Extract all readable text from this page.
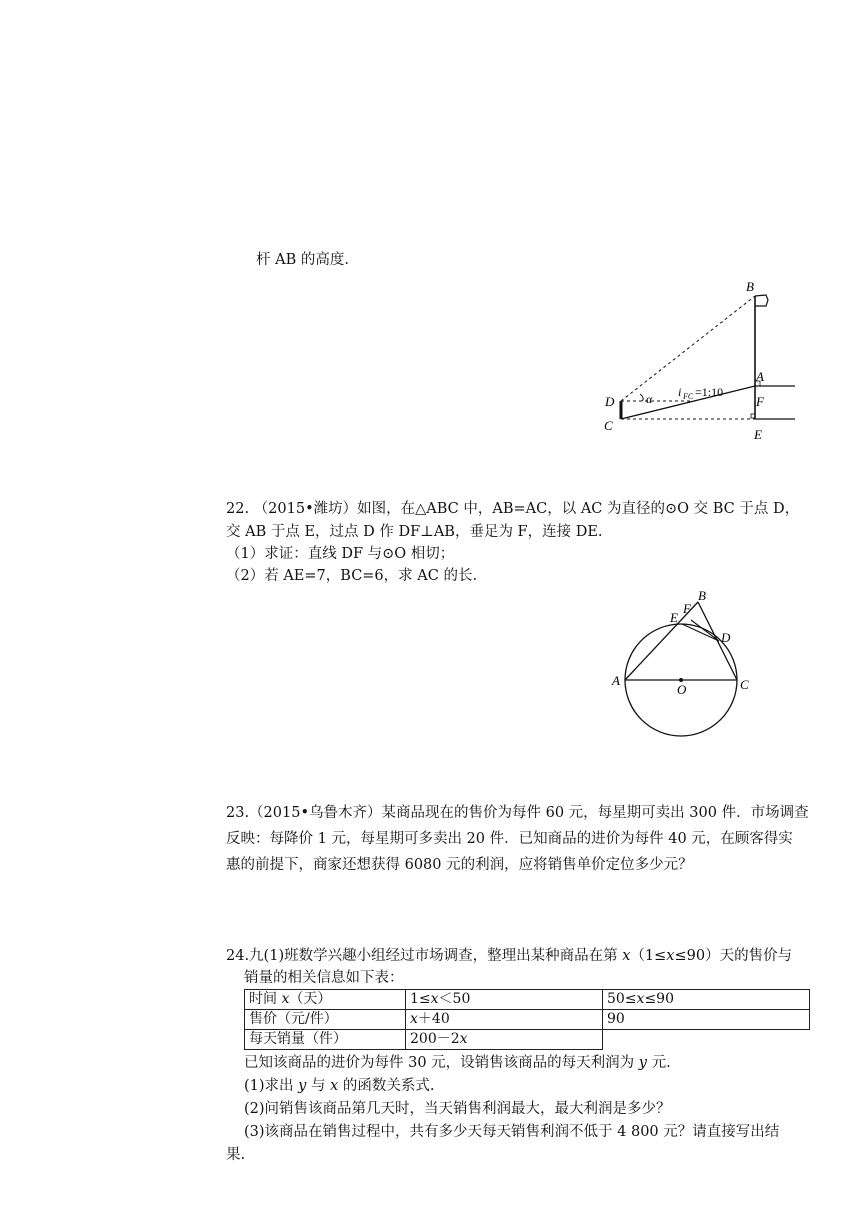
杆 AB 的高度.
B
A
F
D
C
E
α i FC =1:10
22. （2015•潍坊）如图，在△ABC 中，AB=AC，以 AC 为直径的⊙O 交 BC 于点 D，
交 AB 于点 E，过点 D 作 DF⊥AB，垂足为 F，连接 DE.
（1）求证：直线 DF 与⊙O 相切；
（2）若 AE=7，BC=6，求 AC 的长.
A
B
C
D
E
F
O
23.（2015•乌鲁木齐）某商品现在的售价为每件 60 元，每星期可卖出 300 件．市场调查
反映：每降价 1 元，每星期可多卖出 20 件．已知商品的进价为每件 40 元，在顾客得实
惠的前提下，商家还想获得 6080 元的利润，应将销售单价定位多少元？
24.九(1)班数学兴趣小组经过市场调查，整理出某种商品在第 x（1≤x≤90）天的售价与
销量的相关信息如下表：
时间 x（天）	1≤x＜50	50≤x≤90
售价（元/件）	x＋40	90
每天销量（件）	200－2x	
已知该商品的进价为每件 30 元，设销售该商品的每天利润为 y 元.
(1)求出 y 与 x 的函数关系式.
(2)问销售该商品第几天时，当天销售利润最大，最大利润是多少？
(3)该商品在销售过程中，共有多少天每天销售利润不低于 4 800 元？请直接写出结
果.
